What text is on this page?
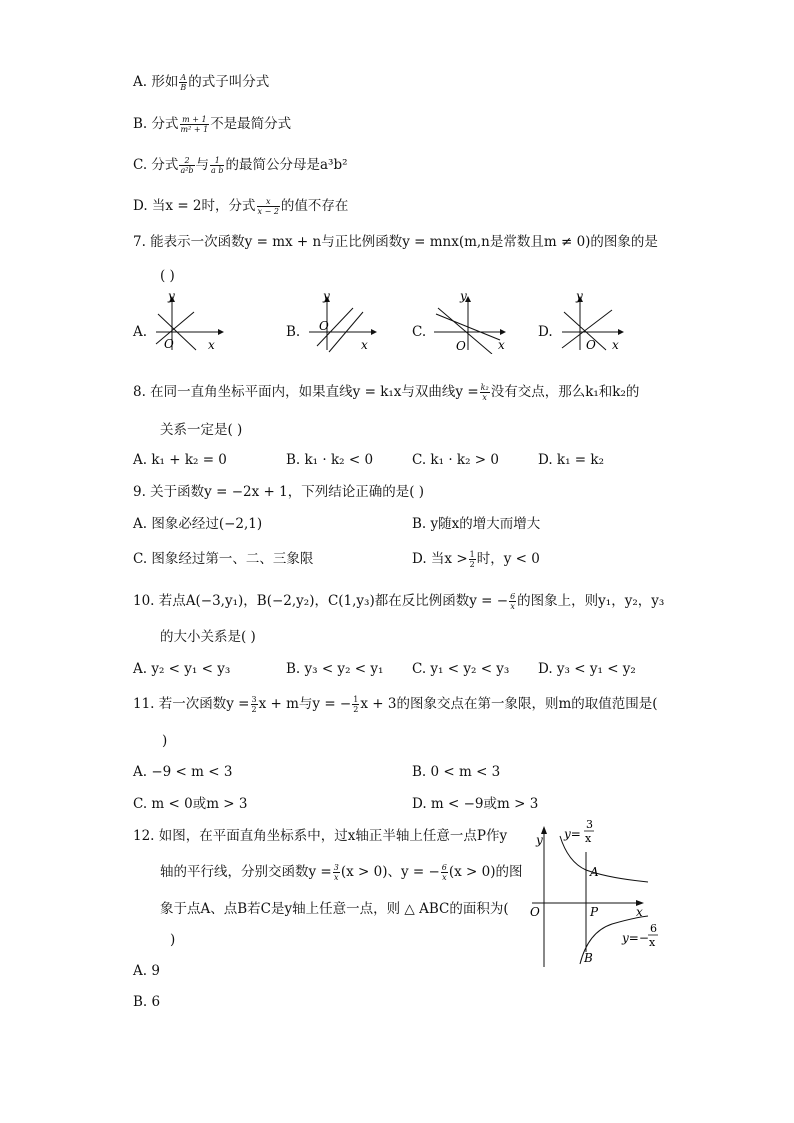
A. 形如 $\frac{A}{B}$ 的式子叫分式
B. 分式 $\frac{m + 1}{\text{m² + 1}}$ 不是最简分式
C. 分式 $\frac{2}{\text{a²b}}$ 与 $\frac{1}{\text{a b}}$ 的最简公分母是a³b²
D. 当x = 2时，分式 $\frac{x}{x - 2}$ 的值不存在
7. 能表示一次函数y = mx + n与正比例函数y = mnx(m,n是常数且m ≠ 0)的图象的是
( )
A.
y
x
O
B.
y
x
O	C.
y
x
O
D.
y
x
O
8. 在同一直角坐标平面内，如果直线y = k₁x与双曲线$y = \frac{\text{k₂}}{x}$ 没有交点，那么k₁和k₂的
关系一定是( )
A. k₁ + k₂ = 0	B. k₁ · k₂ < 0	C. k₁ · k₂ > 0	D. k₁ = k₂
9. 关于函数y = −2x + 1，下列结论正确的是( )
A. 图象必经过(−2,1)	B. y随x的增大而增大
C. 图象经过第一、二、三象限	D. 当$x > \frac{1}{2}$ 时，y < 0
10. 若点A(−3,y₁)，B(−2,y₂)，C(1,y₃)都在反比例函数y = − $\frac{6}{x}$ 的图象上，则y₁，y₂，y₃
的大小关系是( )
A. y₂ < y₁ < y₃	B. y₃ < y₂ < y₁ C. y₁ < y₂ < y₃ D. y₃ < y₁ < y₂
11. 若一次函数$y = \frac{3}{2}$ x + m与y = − $\frac{1}{2}$ x + 3的图象交点在第一象限，则m的取值范围是(
)
A. −9 < m < 3	B. 0 < m < 3
C. m < 0或m > 3	D. m < −9或m > 3
12. 如图，在平面直角坐标系中，过x轴正半轴上任意一点P作y
轴的平行线，分别交函数$y = \frac{3}{x} (x > 0)$、y = − $\frac{6}{x} (x > 0)$的图
象于点A、点B若C是y轴上任意一点，则 △ ABC的面积为(
)
A. 9
B. 6
y
x
O
A
P
B
y=
3
x
y=−
6
x
